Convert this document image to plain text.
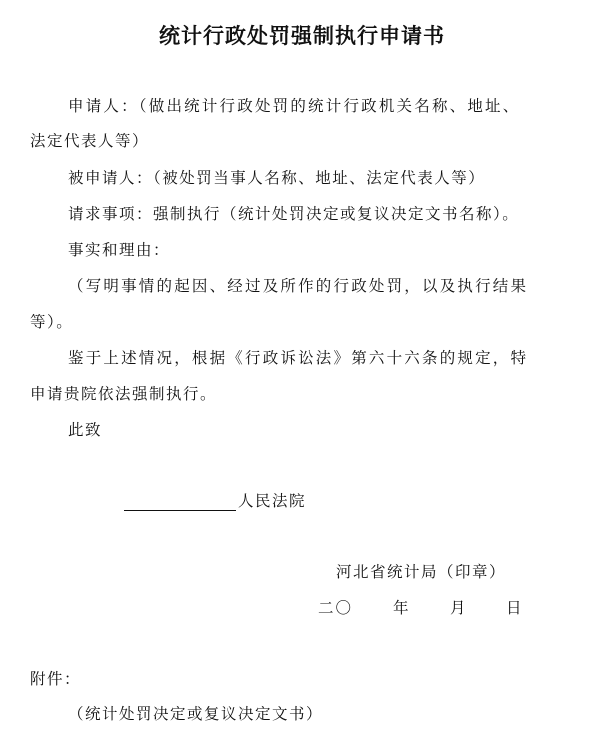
统计行政处罚强制执行申请书
申请人：（做出统计行政处罚的统计行政机关名称、地址、
法定代表人等）
被申请人：（被处罚当事人名称、地址、法定代表人等）
请求事项：强制执行（统计处罚决定或复议决定文书名称）。
事实和理由：
（写明事情的起因、经过及所作的行政处罚，以及执行结果
等）。
鉴于上述情况，根据《行政诉讼法》第六十六条的规定，特
申请贵院依法强制执行。
此致
人民法院
河北省统计局（印章）
二〇	年	月	日
附件：
（统计处罚决定或复议决定文书）
